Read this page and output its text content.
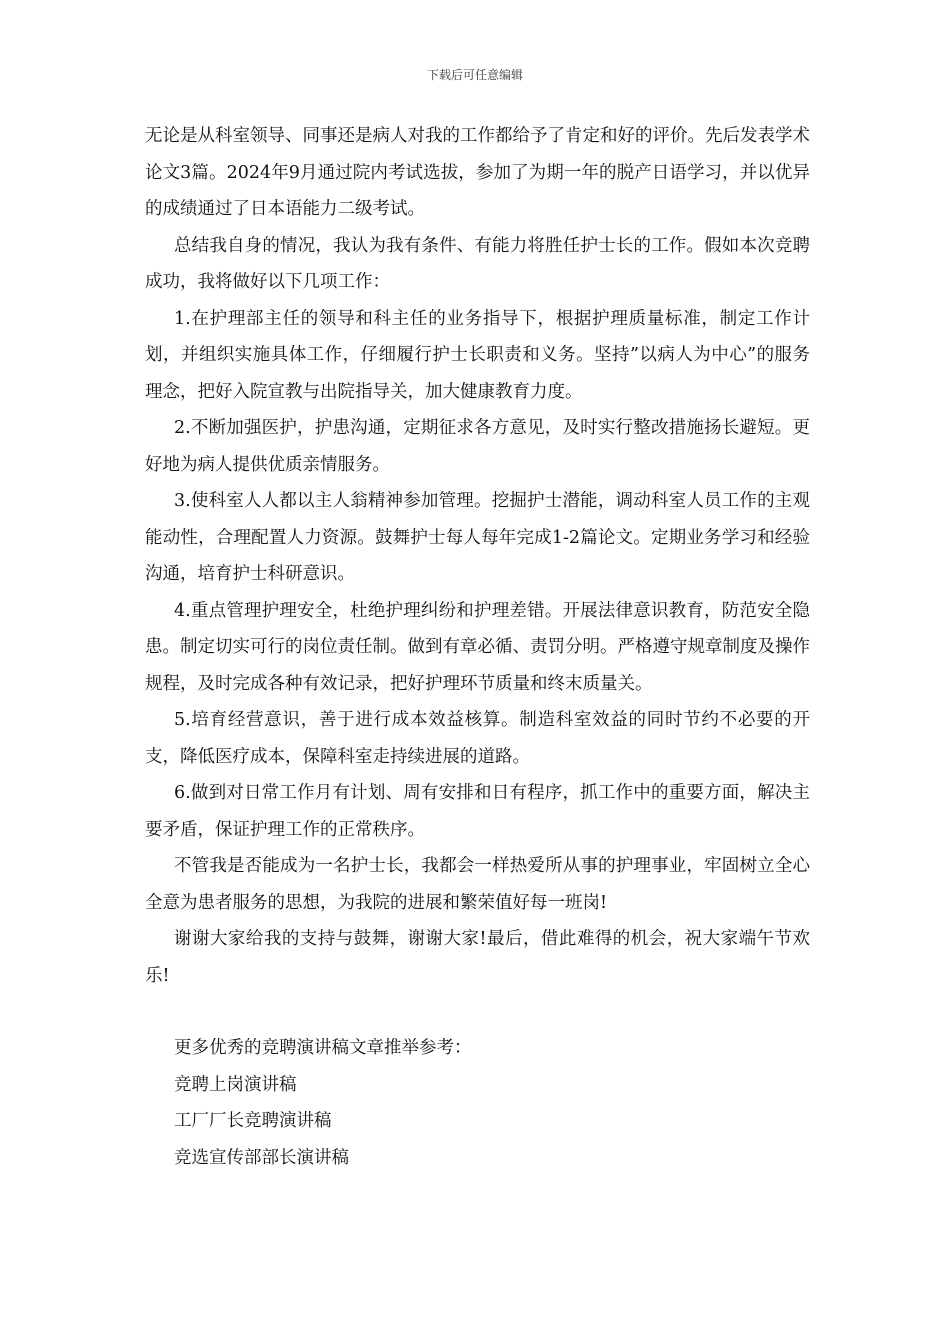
下载后可任意编辑

无论是从科室领导、同事还是病人对我的工作都给予了肯定和好的评价。先后发表学术论文3篇。2024年9月通过院内考试选拔，参加了为期一年的脱产日语学习，并以优异的成绩通过了日本语能力二级考试。

总结我自身的情况，我认为我有条件、有能力将胜任护士长的工作。假如本次竞聘成功，我将做好以下几项工作：

1.在护理部主任的领导和科主任的业务指导下，根据护理质量标准，制定工作计划，并组织实施具体工作，仔细履行护士长职责和义务。坚持”以病人为中心”的服务理念，把好入院宣教与出院指导关，加大健康教育力度。

2.不断加强医护，护患沟通，定期征求各方意见，及时实行整改措施扬长避短。更好地为病人提供优质亲情服务。

3.使科室人人都以主人翁精神参加管理。挖掘护士潜能，调动科室人员工作的主观能动性，合理配置人力资源。鼓舞护士每人每年完成1-2篇论文。定期业务学习和经验沟通，培育护士科研意识。

4.重点管理护理安全，杜绝护理纠纷和护理差错。开展法律意识教育，防范安全隐患。制定切实可行的岗位责任制。做到有章必循、责罚分明。严格遵守规章制度及操作规程，及时完成各种有效记录，把好护理环节质量和终末质量关。

5.培育经营意识，善于进行成本效益核算。制造科室效益的同时节约不必要的开支，降低医疗成本，保障科室走持续进展的道路。

6.做到对日常工作月有计划、周有安排和日有程序，抓工作中的重要方面，解决主要矛盾，保证护理工作的正常秩序。

不管我是否能成为一名护士长，我都会一样热爱所从事的护理事业，牢固树立全心全意为患者服务的思想，为我院的进展和繁荣值好每一班岗!

谢谢大家给我的支持与鼓舞，谢谢大家!最后，借此难得的机会，祝大家端午节欢乐!

更多优秀的竞聘演讲稿文章推举参考：
竞聘上岗演讲稿
工厂厂长竞聘演讲稿
竞选宣传部部长演讲稿
